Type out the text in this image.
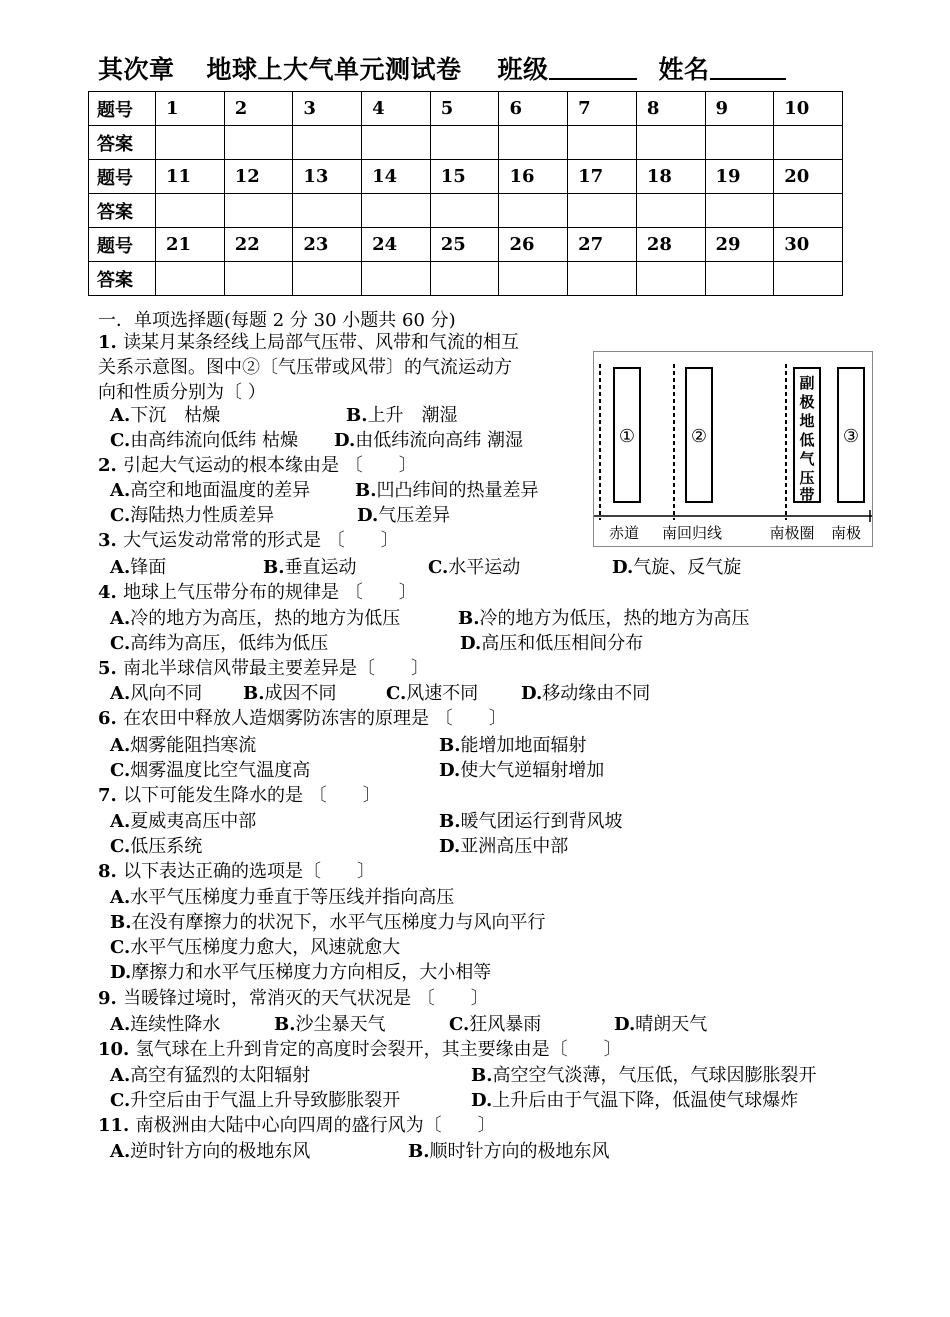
其次章 地球上大气单元测试卷 班级	姓名
题号	1	2	3	4	5	6	7	8	9	10
答案										
题号	11	12	13	14	15	16	17	18	19	20
答案										
题号	21	22	23	24	25	26	27	28	29	30
答案										
一．单项选择题(每题 2 分 30 小题共 60 分)
①	②
副
极
地
低
气
压
带
③
赤道 南回归线	南极圈 南极
1. 读某月某条经线上局部气压带、风带和气流的相互
关系示意图。图中②〔气压带或风带〕的气流运动方
向和性质分别为〔 ）
A.下沉　枯燥	B.上升　潮湿
C.由高纬流向低纬 枯燥 D.由低纬流向高纬 潮湿
2. 引起大气运动的根本缘由是 〔　　〕
A.高空和地面温度的差异 B.凹凸纬间的热量差异
C.海陆热力性质差异	D.气压差异
3. 大气运发动常常的形式是 〔　　〕
A.锋面	B.垂直运动	C.水平运动	D.气旋、反气旋
4. 地球上气压带分布的规律是 〔　　〕
A.冷的地方为高压，热的地方为低压	B.冷的地方为低压，热的地方为高压
C.高纬为高压，低纬为低压	D.高压和低压相间分布
5. 南北半球信风带最主要差异是〔　　〕
A.风向不同 B.成因不同	C.风速不同 D.移动缘由不同
6. 在农田中释放人造烟雾防冻害的原理是 〔　　〕
A.烟雾能阻挡寒流	B.能增加地面辐射
C.烟雾温度比空气温度高	D.使大气逆辐射增加
7. 以下可能发生降水的是 〔　　〕
A.夏威夷高压中部	B.暖气团运行到背风坡
C.低压系统	D.亚洲高压中部
8. 以下表达正确的选项是〔　　〕
A.水平气压梯度力垂直于等压线并指向高压
B.在没有摩擦力的状况下，水平气压梯度力与风向平行
C.水平气压梯度力愈大，风速就愈大
D.摩擦力和水平气压梯度力方向相反，大小相等
9. 当暖锋过境时，常消灭的天气状况是 〔　　〕
A.连续性降水	B.沙尘暴天气	C.狂风暴雨	D.晴朗天气
10. 氢气球在上升到肯定的高度时会裂开，其主要缘由是〔　　〕
A.高空有猛烈的太阳辐射	B.高空空气淡薄，气压低，气球因膨胀裂开
C.升空后由于气温上升导致膨胀裂开	D.上升后由于气温下降，低温使气球爆炸
11. 南极洲由大陆中心向四周的盛行风为〔　　〕
A.逆时针方向的极地东风	B.顺时针方向的极地东风
